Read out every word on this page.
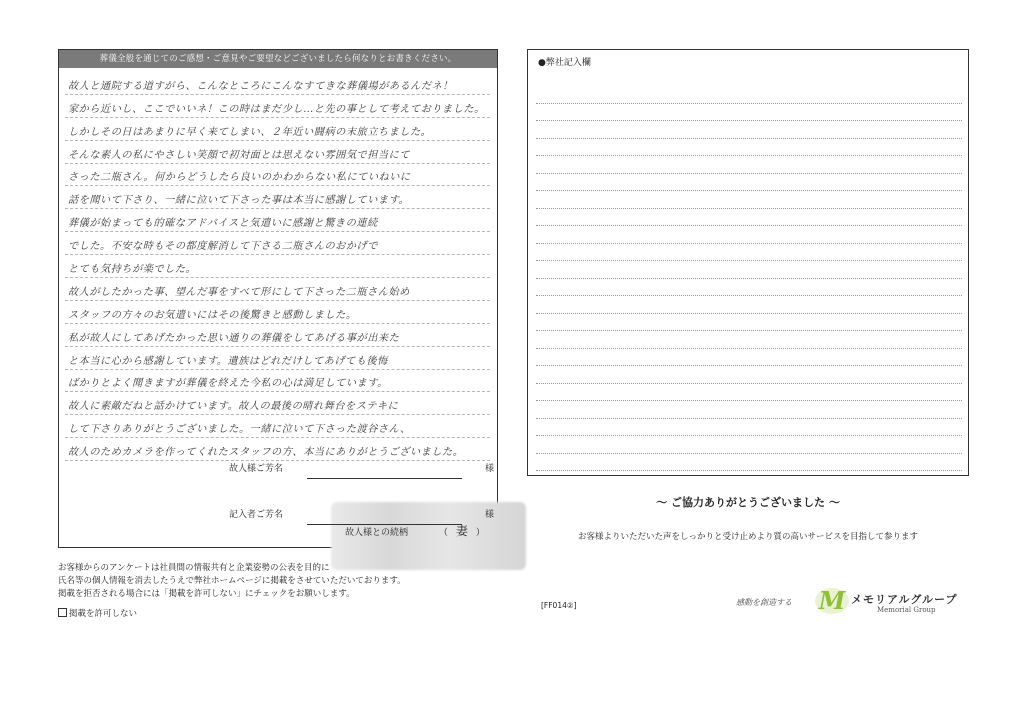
葬儀全般を通じてのご感想・ご意見やご要望などございましたら何なりとお書きください。
故人と通院する道すがら、こんなところにこんなすてきな葬儀場があるんだネ！
家から近いし、ここでいいネ！この時はまだ少し…と先の事として考えておりました。
しかしその日はあまりに早く来てしまい、２年近い闘病の末旅立ちました。
そんな素人の私にやさしい笑顔で初対面とは思えない雰囲気で担当にて
さった二瓶さん。何からどうしたら良いのかわからない私にていねいに
話を聞いて下さり、一緒に泣いて下さった事は本当に感謝しています。
葬儀が始まっても的確なアドバイスと気遣いに感謝と驚きの連続
でした。不安な時もその都度解消して下さる二瓶さんのおかげで
とても気持ちが楽でした。
故人がしたかった事、望んだ事をすべて形にして下さった二瓶さん始め
スタッフの方々のお気遣いにはその後驚きと感動しました。
私が故人にしてあげたかった思い通りの葬儀をしてあげる事が出来た
と本当に心から感謝しています。遺族はどれだけしてあげても後悔
ばかりとよく聞きますが葬儀を終えた今私の心は満足しています。
故人に素敵だねと話かけています。故人の最後の晴れ舞台をステキに
して下さりありがとうございました。一緒に泣いて下さった渡谷さん、
故人のためカメラを作ってくれたスタッフの方、本当にありがとうございました。
故人様ご芳名	様
記入者ご芳名	様
故人様との続柄	（ 妻 ）
●弊社記入欄
～ ご協力ありがとうございました ～
お客様よりいただいた声をしっかりと受け止めより質の高いサービスを目指して参ります
お客様からのアンケートは社員間の情報共有と企業姿勢の公表を目的に
氏名等の個人情報を消去したうえで弊社ホームページに掲載をさせていただいております。
掲載を拒否される場合には「掲載を許可しない」にチェックをお願いします。
掲載を許可しない
[FF014②]	感動を創造する M メモリアルグループ
Memorial Group
